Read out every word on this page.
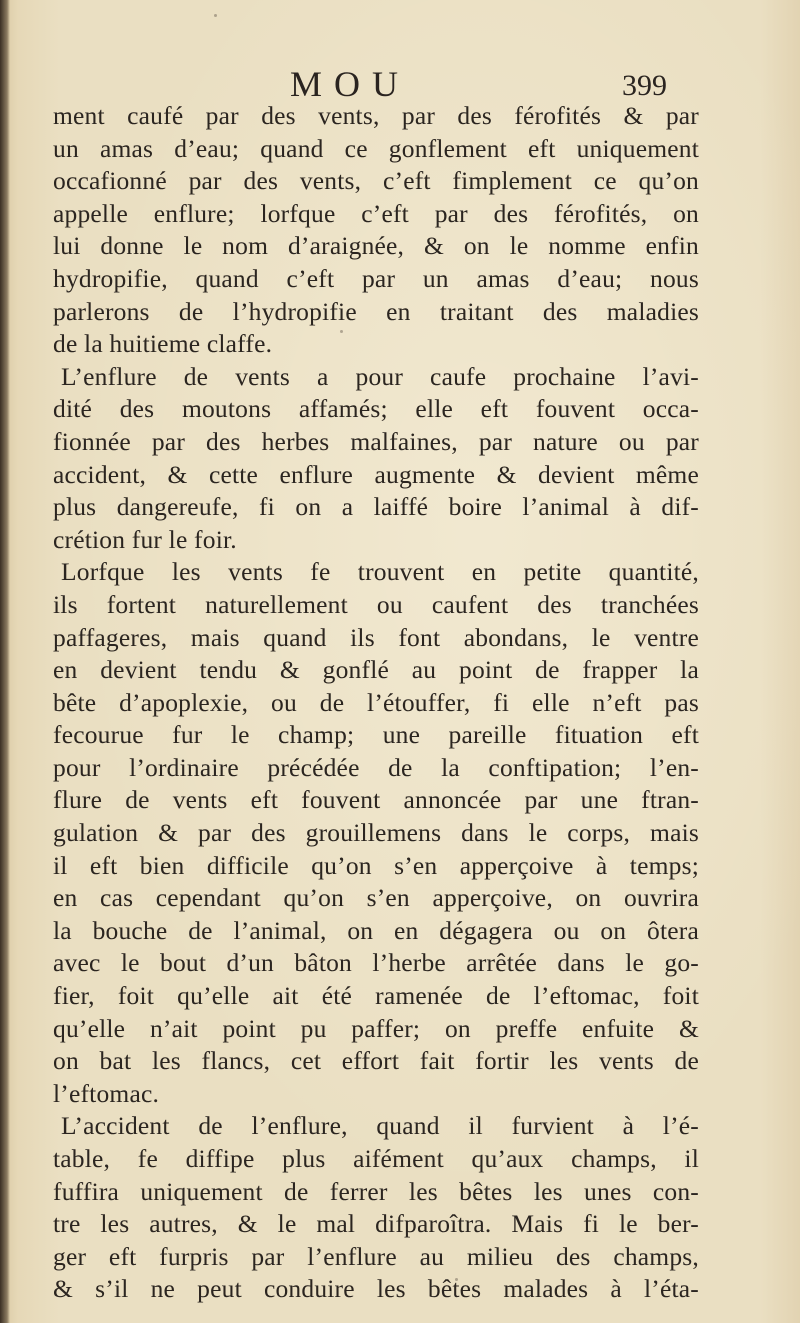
MOU	399
ment caufé par des vents, par des férofités & par
un amas d’eau; quand ce gonflement eft uniquement
occafionné par des vents, c’eft fimplement ce qu’on
appelle enflure; lorfque c’eft par des férofités, on
lui donne le nom d’araignée, & on le nomme enfin
hydropifie, quand c’eft par un amas d’eau; nous
parlerons de l’hydropifie en traitant des maladies
de la huitieme claffe.
L’enflure de vents a pour caufe prochaine l’avi-
dité des moutons affamés; elle eft fouvent occa-
fionnée par des herbes malfaines, par nature ou par
accident, & cette enflure augmente & devient même
plus dangereufe, fi on a laiffé boire l’animal à dif-
crétion fur le foir.
Lorfque les vents fe trouvent en petite quantité,
ils fortent naturellement ou caufent des tranchées
paffageres, mais quand ils font abondans, le ventre
en devient tendu & gonflé au point de frapper la
bête d’apoplexie, ou de l’étouffer, fi elle n’eft pas
fecourue fur le champ; une pareille fituation eft
pour l’ordinaire précédée de la conftipation; l’en-
flure de vents eft fouvent annoncée par une ftran-
gulation & par des grouillemens dans le corps, mais
il eft bien difficile qu’on s’en apperçoive à temps;
en cas cependant qu’on s’en apperçoive, on ouvrira
la bouche de l’animal, on en dégagera ou on ôtera
avec le bout d’un bâton l’herbe arrêtée dans le go-
fier, foit qu’elle ait été ramenée de l’eftomac, foit
qu’elle n’ait point pu paffer; on preffe enfuite &
on bat les flancs, cet effort fait fortir les vents de
l’eftomac.
L’accident de l’enflure, quand il furvient à l’é-
table, fe diffipe plus aifément qu’aux champs, il
fuffira uniquement de ferrer les bêtes les unes con-
tre les autres, & le mal difparoîtra. Mais fi le ber-
ger eft furpris par l’enflure au milieu des champs,
& s’il ne peut conduire les bêtes malades à l’éta-
